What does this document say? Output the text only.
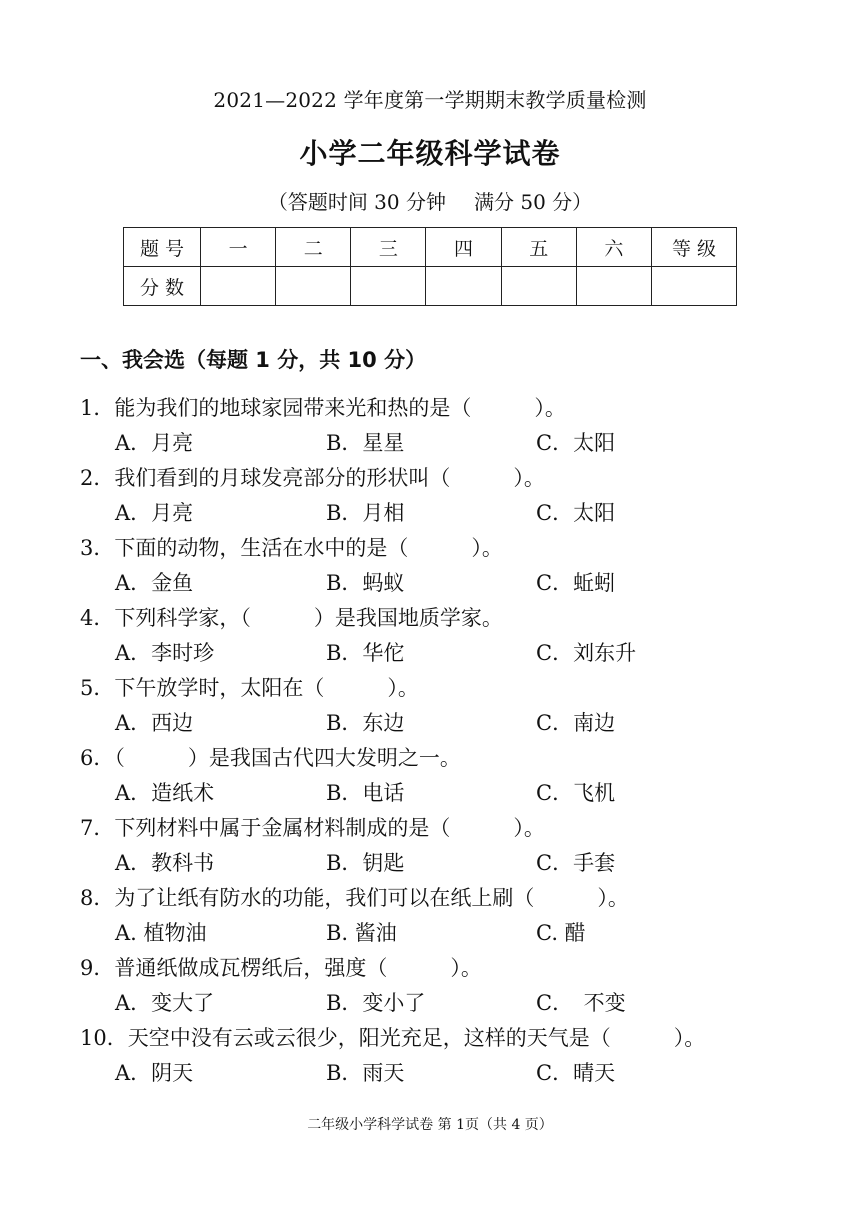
2021—2022 学年度第一学期期末教学质量检测
小学二年级科学试卷
（答题时间 30 分钟 满分 50 分）
题 号	一	二	三	四	五	六	等 级
分 数							
一、我会选（每题 1 分，共 10 分）
1．能为我们的地球家园带来光和热的是（　　　）。
A．月亮	B．星星	C．太阳
2．我们看到的月球发亮部分的形状叫（　　　）。
A．月亮	B．月相	C．太阳
3．下面的动物，生活在水中的是（　　　）。
A．金鱼	B．蚂蚁	C．蚯蚓
4．下列科学家，（　　　）是我国地质学家。
A．李时珍	B．华佗	C．刘东升
5．下午放学时，太阳在（　　　）。
A．西边	B．东边	C．南边
6．（　　　）是我国古代四大发明之一。
A．造纸术	B．电话	C．飞机
7．下列材料中属于金属材料制成的是（　　　）。
A．教科书	B．钥匙	C．手套
8．为了让纸有防水的功能，我们可以在纸上刷（　　　）。
A. 植物油	B. 酱油	C. 醋
9．普通纸做成瓦楞纸后，强度（　　　）。
A．变大了	B．变小了	C．　不变
10．天空中没有云或云很少，阳光充足，这样的天气是（　　　）。
A．阴天	B．雨天	C．晴天
二年级小学科学试卷 第 1页（共 4 页）
